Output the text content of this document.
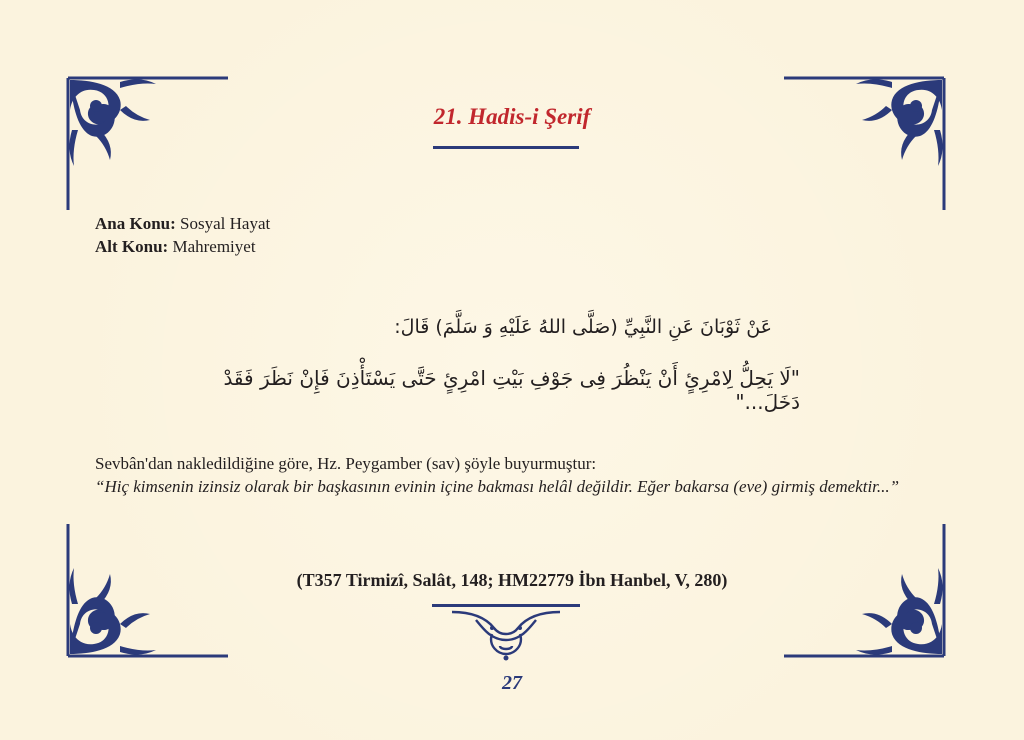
21. Hadis-i Şerif
Ana Konu: Sosyal Hayat
Alt Konu: Mahremiyet
عَنْ ثَوْبَانَ عَنِ النَّبِيِّ (صَلَّى اللهُ عَلَيْهِ وَ سَلَّمَ) قَالَ:
"لَا يَحِلُّ لِامْرِئٍ أَنْ يَنْظُرَ فِى جَوْفِ بَيْتِ امْرِئٍ حَتَّى يَسْتَأْذِنَ فَإِنْ نَظَرَ فَقَدْ دَخَلَ..."
Sevbân'dan nakledildiğine göre, Hz. Peygamber (sav) şöyle buyurmuştur:
“Hiç kimsenin izinsiz olarak bir başkasının evinin içine bakması helâl değildir. Eğer bakarsa (eve) girmiş demektir...”
(T357 Tirmizî, Salât, 148; HM22779 İbn Hanbel, V, 280)
27
